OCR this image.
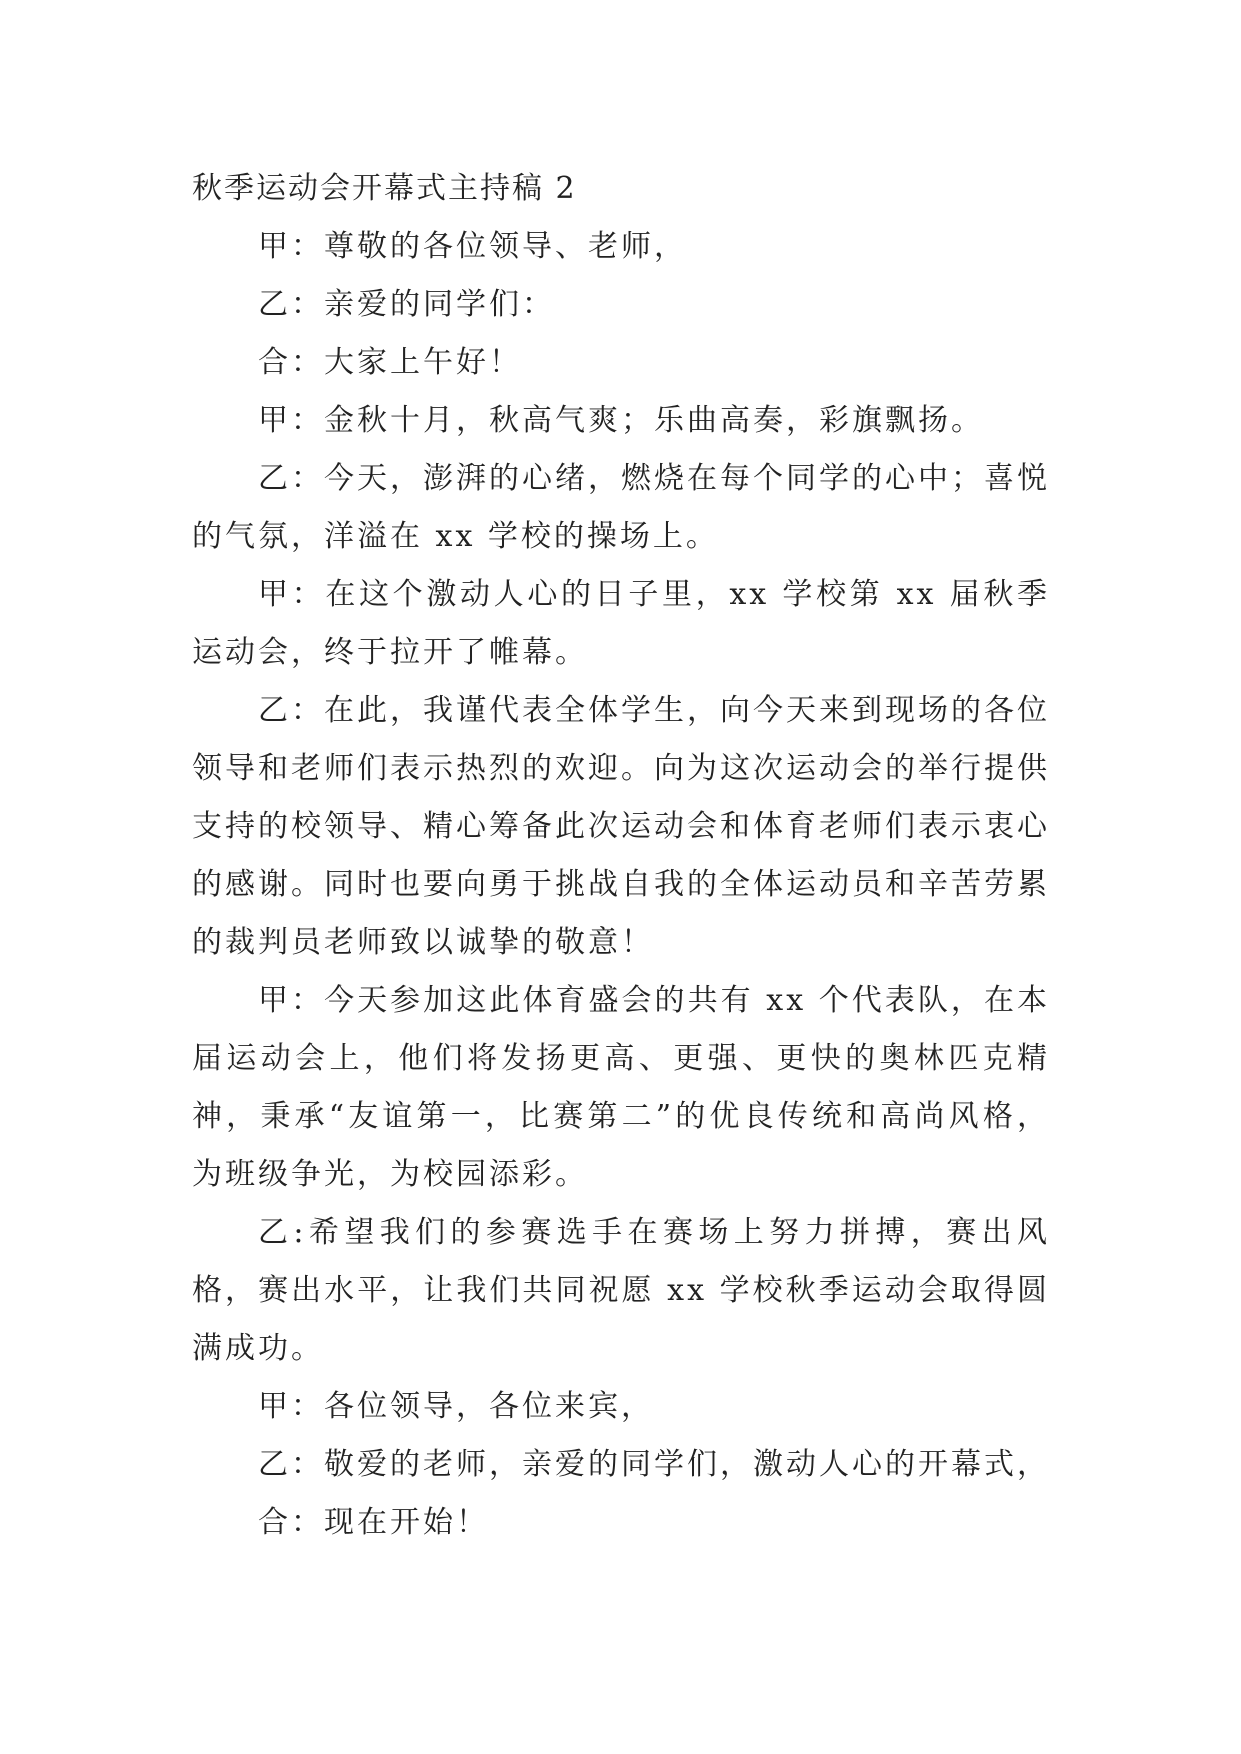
秋季运动会开幕式主持稿 2

甲：尊敬的各位领导、老师，

乙：亲爱的同学们：

合：大家上午好！

甲：金秋十月，秋高气爽；乐曲高奏，彩旗飘扬。

乙：今天，澎湃的心绪，燃烧在每个同学的心中；喜悦的气氛，洋溢在 xx 学校的操场上。

甲：在这个激动人心的日子里，xx 学校第 xx 届秋季运动会，终于拉开了帷幕。

乙：在此，我谨代表全体学生，向今天来到现场的各位领导和老师们表示热烈的欢迎。向为这次运动会的举行提供支持的校领导、精心筹备此次运动会和体育老师们表示衷心的感谢。同时也要向勇于挑战自我的全体运动员和辛苦劳累的裁判员老师致以诚挚的敬意！

甲：今天参加这此体育盛会的共有 xx 个代表队，在本届运动会上，他们将发扬更高、更强、更快的奥林匹克精神，秉承“友谊第一，比赛第二”的优良传统和高尚风格，为班级争光，为校园添彩。

乙:希望我们的参赛选手在赛场上努力拼搏，赛出风格，赛出水平，让我们共同祝愿 xx 学校秋季运动会取得圆满成功。

甲：各位领导，各位来宾，

乙：敬爱的老师，亲爱的同学们，激动人心的开幕式，

合：现在开始！
